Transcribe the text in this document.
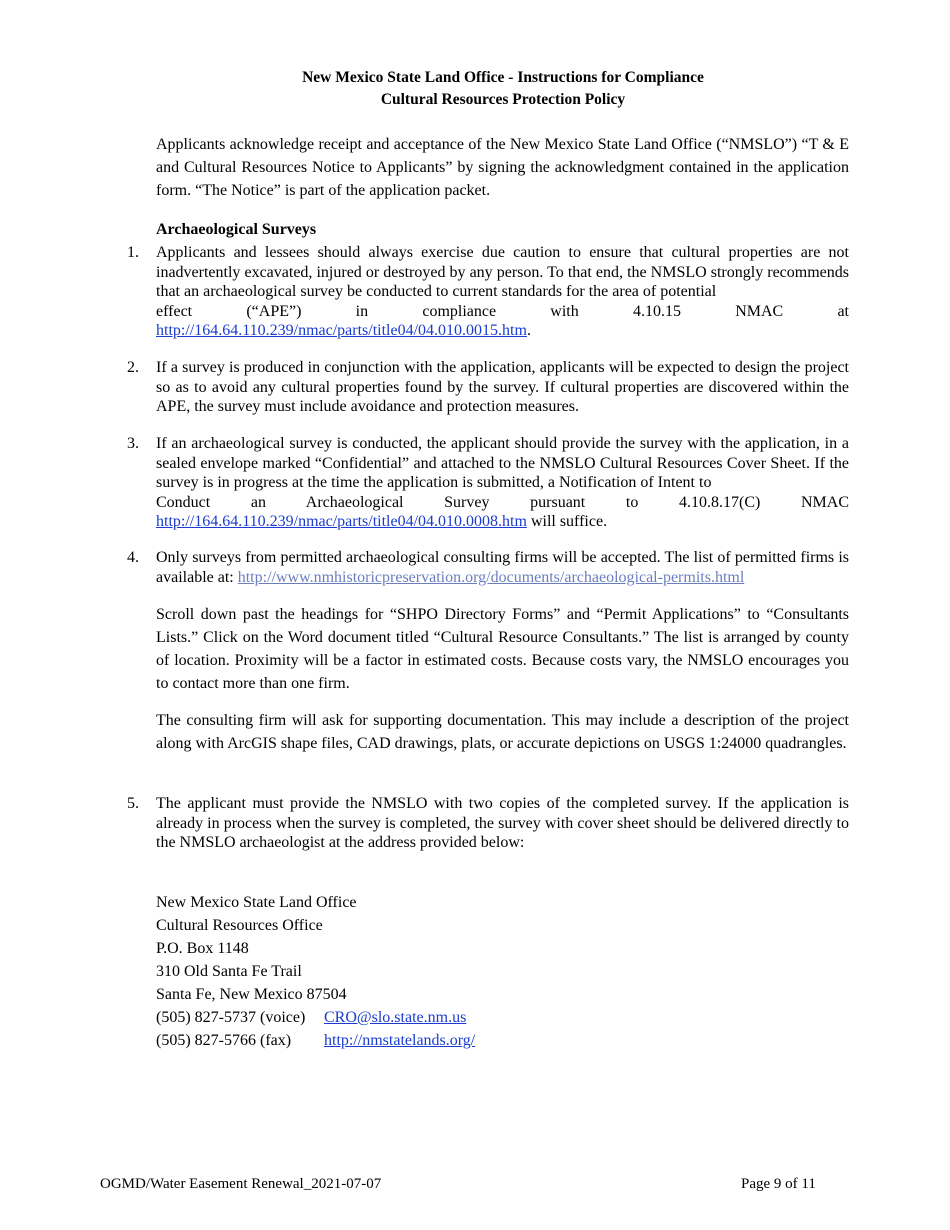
New Mexico State Land Office - Instructions for Compliance
Cultural Resources Protection Policy
Applicants acknowledge receipt and acceptance of the New Mexico State Land Office (“NMSLO”) “T & E and Cultural Resources Notice to Applicants” by signing the acknowledgment contained in the application form. “The Notice” is part of the application packet.
Archaeological Surveys
1. Applicants and lessees should always exercise due caution to ensure that cultural properties are not inadvertently excavated, injured or destroyed by any person. To that end, the NMSLO strongly recommends that an archaeological survey be conducted to current standards for the area of potential
effect (“APE”) in compliance with 4.10.15 NMAC at
http://164.64.110.239/nmac/parts/title04/04.010.0015.htm.
2. If a survey is produced in conjunction with the application, applicants will be expected to design the project so as to avoid any cultural properties found by the survey. If cultural properties are discovered within the APE, the survey must include avoidance and protection measures.
3. If an archaeological survey is conducted, the applicant should provide the survey with the application, in a sealed envelope marked “Confidential” and attached to the NMSLO Cultural Resources Cover Sheet. If the survey is in progress at the time the application is submitted, a Notification of Intent to
Conduct an Archaeological Survey pursuant to 4.10.8.17(C) NMAC
http://164.64.110.239/nmac/parts/title04/04.010.0008.htm will suffice.
4. Only surveys from permitted archaeological consulting firms will be accepted. The list of permitted firms is available at: http://www.nmhistoricpreservation.org/documents/archaeological-permits.html
Scroll down past the headings for “SHPO Directory Forms” and “Permit Applications” to “Consultants Lists.” Click on the Word document titled “Cultural Resource Consultants.” The list is arranged by county of location. Proximity will be a factor in estimated costs. Because costs vary, the NMSLO encourages you to contact more than one firm.
The consulting firm will ask for supporting documentation. This may include a description of the project along with ArcGIS shape files, CAD drawings, plats, or accurate depictions on USGS 1:24000 quadrangles.
5. The applicant must provide the NMSLO with two copies of the completed survey. If the application is already in process when the survey is completed, the survey with cover sheet should be delivered directly to the NMSLO archaeologist at the address provided below:
New Mexico State Land Office
Cultural Resources Office
P.O. Box 1148
310 Old Santa Fe Trail
Santa Fe, New Mexico 87504
(505) 827-5737 (voice) CRO@slo.state.nm.us
(505) 827-5766 (fax) http://nmstatelands.org/
OGMD/Water Easement Renewal_2021-07-07	Page 9 of 11
